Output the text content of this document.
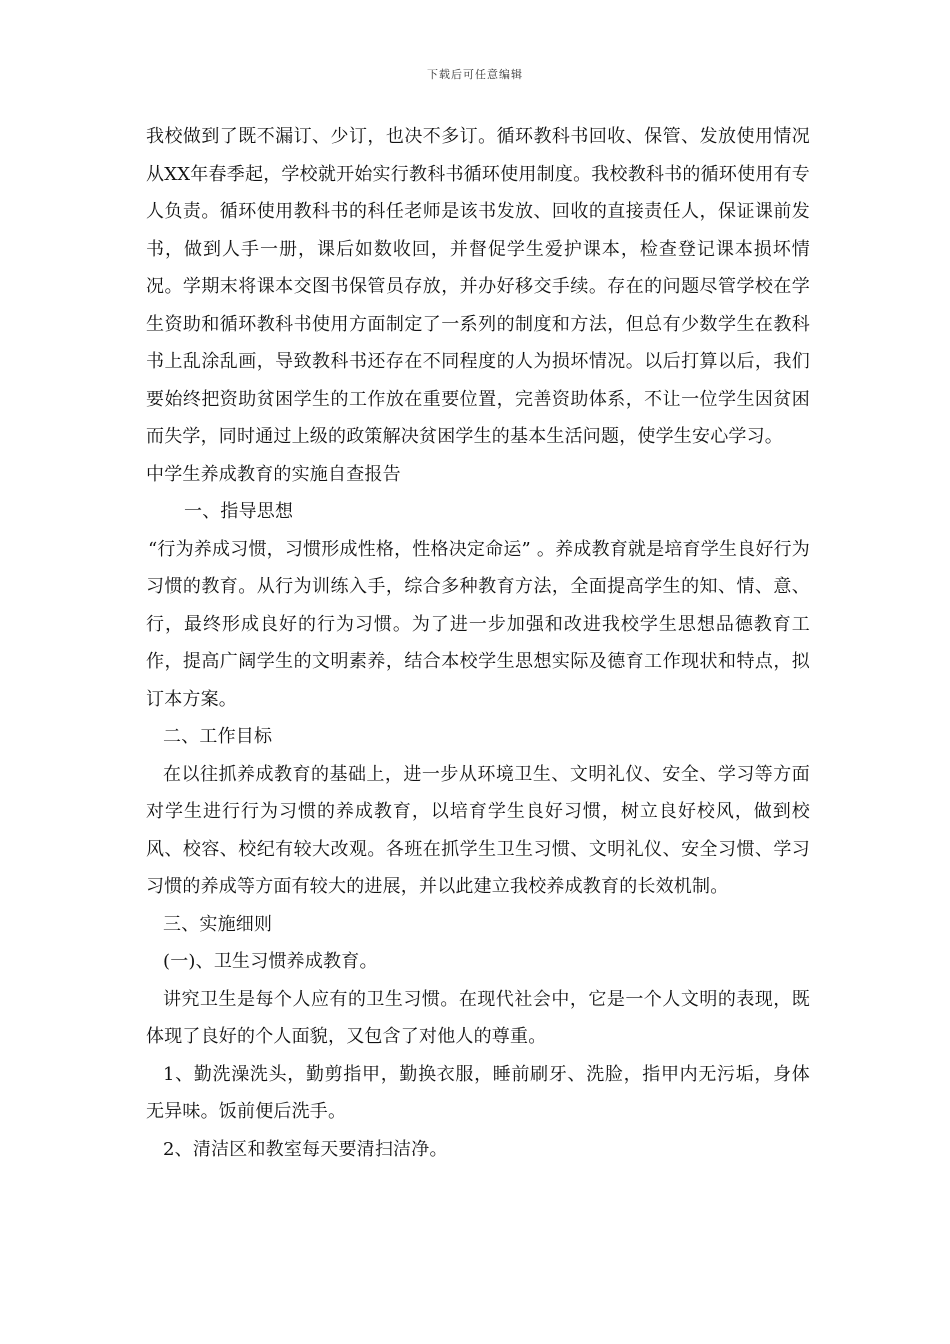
下载后可任意编辑

我校做到了既不漏订、少订，也决不多订。循环教科书回收、保管、发放使用情况从XX年春季起，学校就开始实行教科书循环使用制度。我校教科书的循环使用有专人负责。循环使用教科书的科任老师是该书发放、回收的直接责任人，保证课前发书，做到人手一册，课后如数收回，并督促学生爱护课本，检查登记课本损坏情况。学期末将课本交图书保管员存放，并办好移交手续。存在的问题尽管学校在学生资助和循环教科书使用方面制定了一系列的制度和方法，但总有少数学生在教科书上乱涂乱画，导致教科书还存在不同程度的人为损坏情况。以后打算以后，我们要始终把资助贫困学生的工作放在重要位置，完善资助体系，不让一位学生因贫困而失学，同时通过上级的政策解决贫困学生的基本生活问题，使学生安心学习。

中学生养成教育的实施自查报告

一、指导思想

“行为养成习惯，习惯形成性格，性格决定命运” 。养成教育就是培育学生良好行为习惯的教育。从行为训练入手，综合多种教育方法，全面提高学生的知、情、意、行，最终形成良好的行为习惯。为了进一步加强和改进我校学生思想品德教育工作，提高广阔学生的文明素养，结合本校学生思想实际及德育工作现状和特点，拟订本方案。

二、工作目标

在以往抓养成教育的基础上，进一步从环境卫生、文明礼仪、安全、学习等方面对学生进行行为习惯的养成教育，以培育学生良好习惯，树立良好校风，做到校风、校容、校纪有较大改观。各班在抓学生卫生习惯、文明礼仪、安全习惯、学习习惯的养成等方面有较大的进展，并以此建立我校养成教育的长效机制。

三、实施细则

(一)、卫生习惯养成教育。

讲究卫生是每个人应有的卫生习惯。在现代社会中，它是一个人文明的表现，既体现了良好的个人面貌，又包含了对他人的尊重。

1、勤洗澡洗头，勤剪指甲，勤换衣服，睡前刷牙、洗脸，指甲内无污垢，身体无异味。饭前便后洗手。

2、清洁区和教室每天要清扫洁净。
